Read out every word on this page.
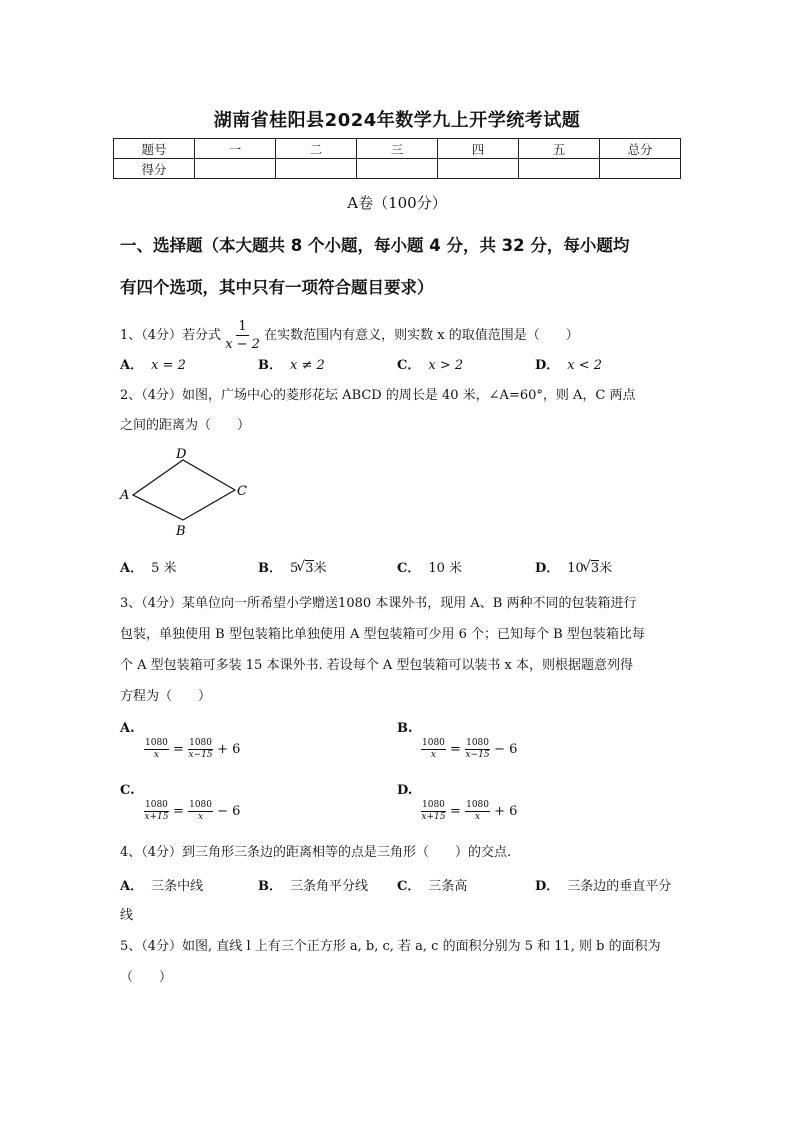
湖南省桂阳县2024年数学九上开学统考试题
题号	一	二	三	四	五	总分
得分						
A卷（100分）
一、选择题（本大题共 8 个小题，每小题 4 分，共 32 分，每小题均
有四个选项，其中只有一项符合题目要求）
1、（4分）若分式 $\frac{1}{x - 2}$ 在实数范围内有意义，则实数 x 的取值范围是（　　）
A． x = 2	B． x ≠ 2	C． x > 2	D． x < 2
2、（4分）如图，广场中心的菱形花坛 ABCD 的周长是 40 米，∠A=60°，则 A，C 两点
之间的距离为（　　）
A
D
C
B
A． 5 米	B． 5 √ 3米	C． 10 米	D． 10 √ 3米
3、（4分）某单位向一所希望小学赠送1080 本课外书，现用 A、B 两种不同的包装箱进行
包装，单独使用 B 型包装箱比单独使用 A 型包装箱可少用 6 个；已知每个 B 型包装箱比每
个 A 型包装箱可多装 15 本课外书. 若设每个 A 型包装箱可以装书 x 本，则根据题意列得
方程为（　　）
A.
$\frac{1080}{x} = \frac{1080}{x-15} + 6$
B.
$\frac{1080}{x} = \frac{1080}{x-15} - 6$
C.
$\frac{1080}{x+15} = \frac{1080}{x} - 6$
D.
$\frac{1080}{x+15} = \frac{1080}{x} + 6$
4、（4分）到三角形三条边的距离相等的点是三角形（　　）的交点.
A． 三条中线	B． 三条角平分线 C． 三条高	D． 三条边的垂直平分
线
5、（4分）如图, 直线 l 上有三个正方形 a, b, c, 若 a, c 的面积分别为 5 和 11, 则 b 的面积为
（　　）
